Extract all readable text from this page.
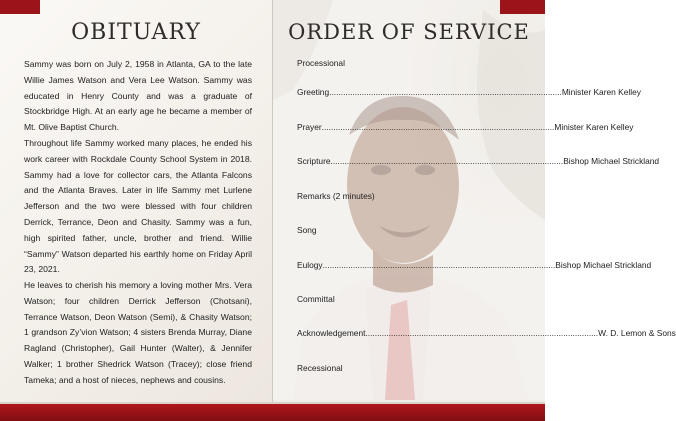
OBITUARY

Sammy was born on July 2, 1958 in Atlanta, GA to the late Willie James Watson and Vera Lee Watson. Sammy was educated in Henry County and was a graduate of Stockbridge High. At an early age he became a member of Mt. Olive Baptist Church.

Throughout life Sammy worked many places, he ended his work career with Rockdale County School System in 2018. Sammy had a love for collector cars, the Atlanta Falcons and the Atlanta Braves. Later in life Sammy met Lurlene Jefferson and the two were blessed with four children Derrick, Terrance, Deon and Chasity. Sammy was a fun, high spirited father, uncle, brother and friend. Willie “Sammy” Watson departed his earthly home on Friday April 23, 2021.

He leaves to cherish his memory a loving mother Mrs. Vera Watson; four children Derrick Jefferson (Chotsani), Terrance Watson, Deon Watson (Semi), & Chasity Watson; 1 grandson Zy’vion Watson; 4 sisters Brenda Murray, Diane Ragland (Christopher), Gail Hunter (Walter), & Jennifer Walker; 1 brother Shedrick Watson (Tracey); close friend Tameka; and a host of nieces, nephews and cousins.

ORDER OF SERVICE
Processional
Greeting .................................................................................................... Minister Karen Kelley
Prayer .................................................................................................... Minister Karen Kelley
Scripture .................................................................................................... Bishop Michael Strickland
Remarks (2 minutes)
Song
Eulogy .................................................................................................... Bishop Michael Strickland
Committal
Acknowledgement .................................................................................................... W. D. Lemon & Sons
Recessional
